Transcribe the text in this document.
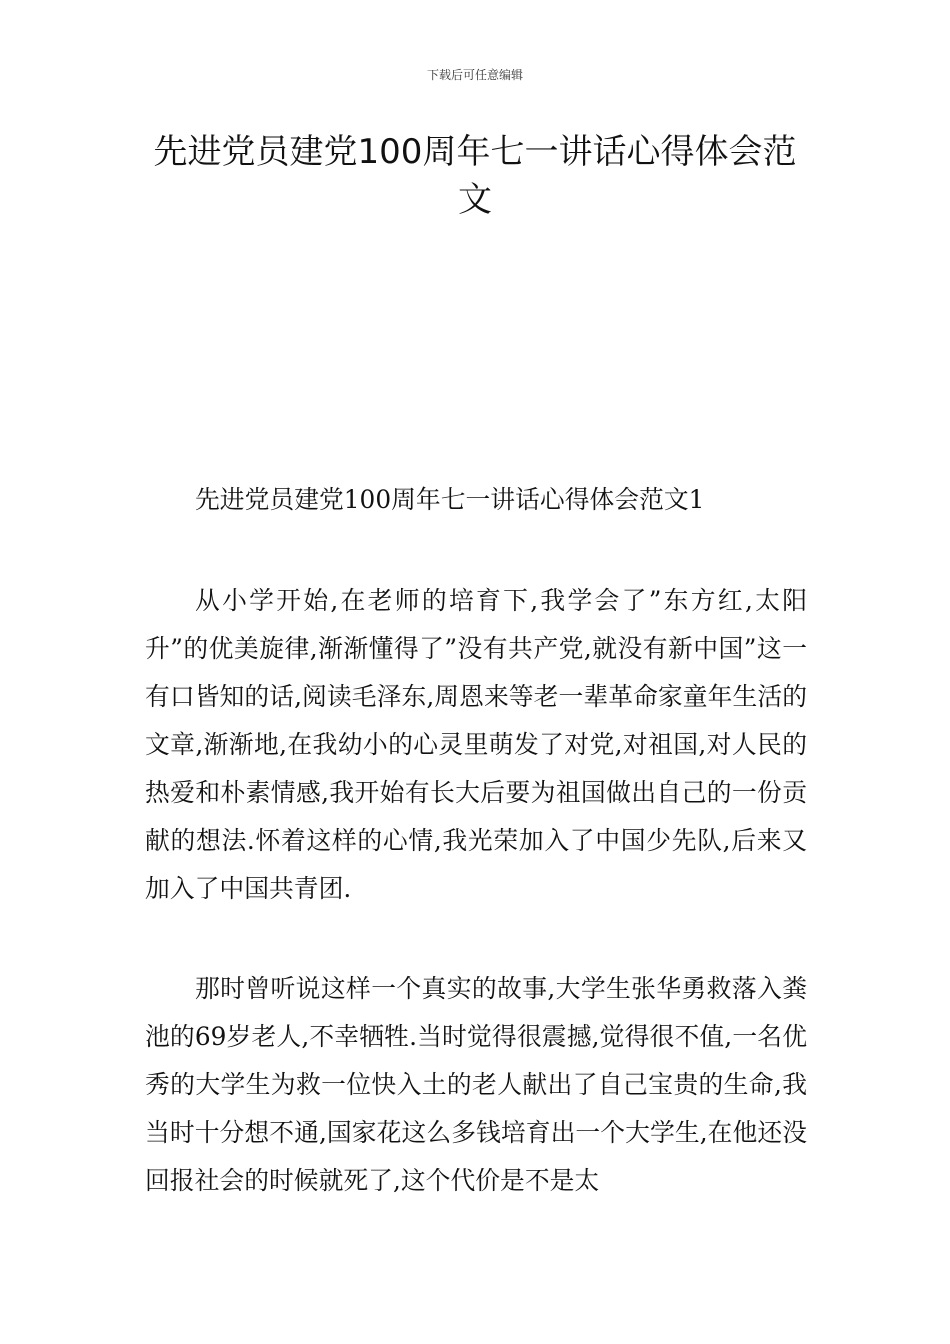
下载后可任意编辑
先进党员建党100周年七一讲话心得体会范文

先进党员建党100周年七一讲话心得体会范文1

从小学开始,在老师的培育下,我学会了”东方红,太阳升”的优美旋律,渐渐懂得了”没有共产党,就没有新中国”这一有口皆知的话,阅读毛泽东,周恩来等老一辈革命家童年生活的文章,渐渐地,在我幼小的心灵里萌发了对党,对祖国,对人民的热爱和朴素情感,我开始有长大后要为祖国做出自己的一份贡献的想法.怀着这样的心情,我光荣加入了中国少先队,后来又加入了中国共青团.

那时曾听说这样一个真实的故事,大学生张华勇救落入粪池的69岁老人,不幸牺牲.当时觉得很震撼,觉得很不值,一名优秀的大学生为救一位快入土的老人献出了自己宝贵的生命,我当时十分想不通,国家花这么多钱培育出一个大学生,在他还没回报社会的时候就死了,这个代价是不是太
